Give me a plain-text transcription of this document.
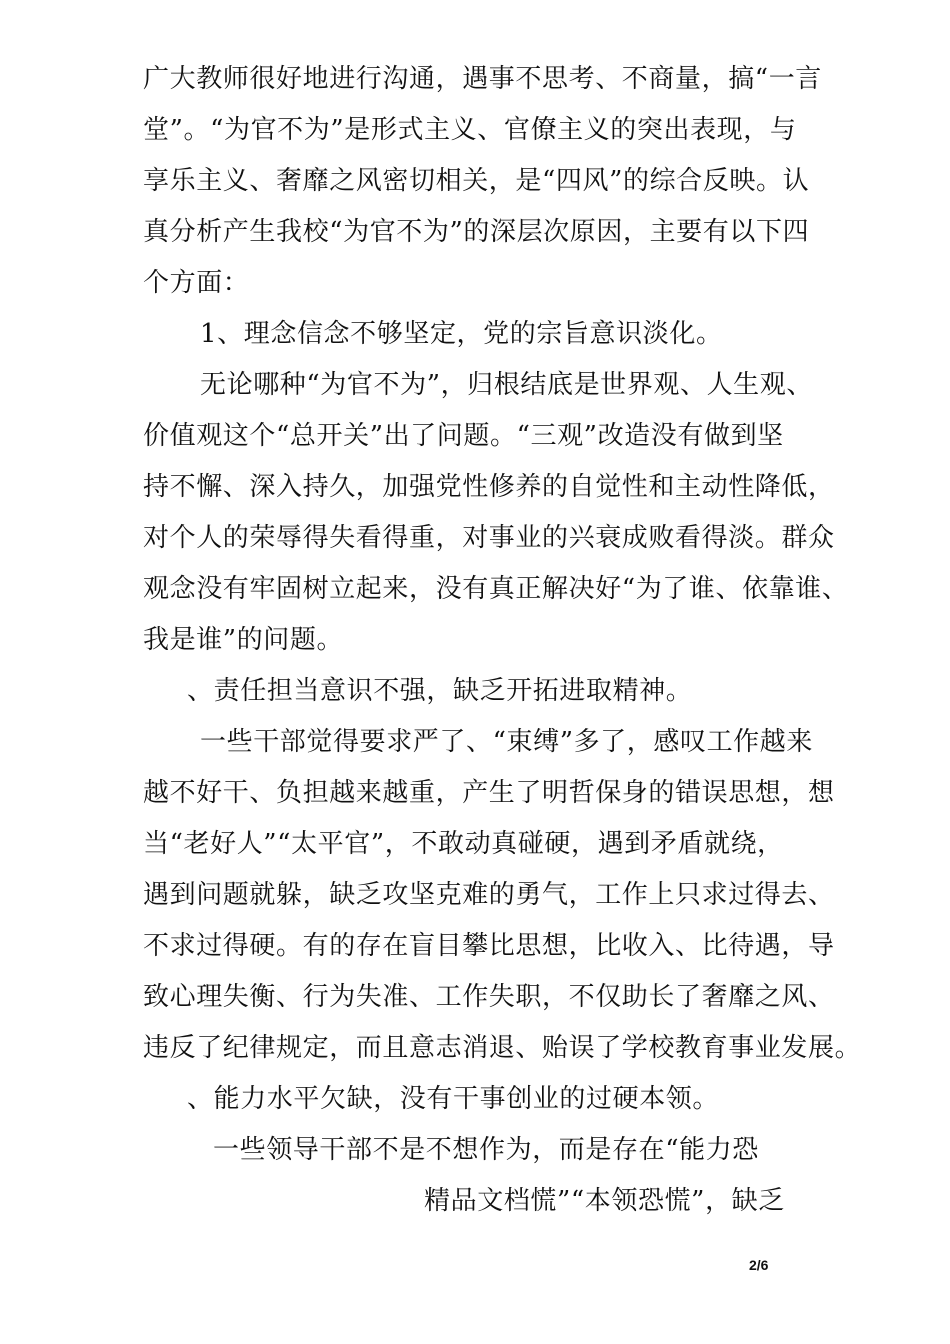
广大教师很好地进行沟通，遇事不思考、不商量，搞“一言
堂”。“为官不为”是形式主义、官僚主义的突出表现，与
享乐主义、奢靡之风密切相关，是“四风”的综合反映。认
真分析产生我校“为官不为”的深层次原因，主要有以下四
个方面：
1、理念信念不够坚定，党的宗旨意识淡化。
无论哪种“为官不为”，归根结底是世界观、人生观、
价值观这个“总开关”出了问题。“三观”改造没有做到坚
持不懈、深入持久，加强党性修养的自觉性和主动性降低，
对个人的荣辱得失看得重，对事业的兴衰成败看得淡。群众
观念没有牢固树立起来，没有真正解决好“为了谁、依靠谁、
我是谁”的问题。
、责任担当意识不强，缺乏开拓进取精神。
一些干部觉得要求严了、“束缚”多了，感叹工作越来
越不好干、负担越来越重，产生了明哲保身的错误思想，想
当“老好人”“太平官”，不敢动真碰硬，遇到矛盾就绕，
遇到问题就躲，缺乏攻坚克难的勇气，工作上只求过得去、
不求过得硬。有的存在盲目攀比思想，比收入、比待遇，导
致心理失衡、行为失准、工作失职，不仅助长了奢靡之风、
违反了纪律规定，而且意志消退、贻误了学校教育事业发展。
、能力水平欠缺，没有干事创业的过硬本领。
一些领导干部不是不想作为，而是存在“能力恐
精品文档慌”“本领恐慌”，缺乏
2/6
